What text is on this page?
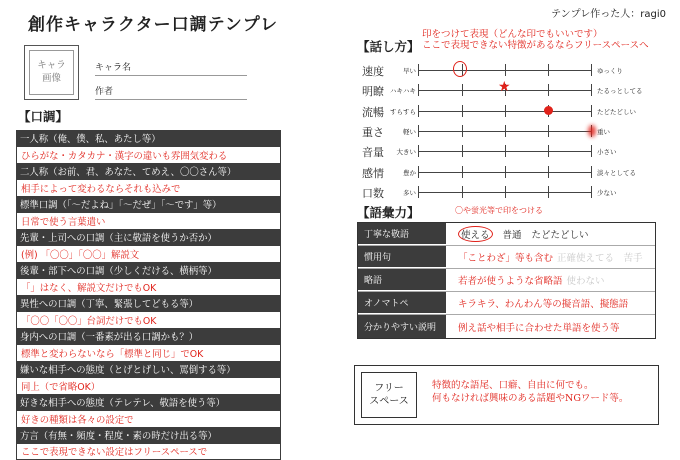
創作キャラクター口調テンプレ
テンプレ作った人：ragi0
キャラ
画像
キャラ名
作者
【口調】
一人称（俺、僕、私、あたし等）
ひらがな・カタカナ・漢字の違いも雰囲気変わる
二人称（お前、君、あなた、てめえ、〇〇さん等）
相手によって変わるならそれも込みで
標準口調（「〜だよね」「〜だぜ」「〜です」等）
日常で使う言葉遣い
先輩・上司への口調（主に敬語を使うか否か）
(例) 「〇〇」「〇〇」解説文
後輩・部下への口調（少しくだける、横柄等）
「」はなく、解説文だけでもOK
異性への口調（丁寧、緊張してどもる等）
「〇〇「〇〇」台詞だけでもOK
身内への口調（一番素が出る口調かも？）
標準と変わらないなら「標準と同じ」でOK
嫌いな相手への態度（とげとげしい、罵倒する等）
同上（で省略OK）
好きな相手への態度（テレテレ、敬語を使う等）
好きの種類は各々の設定で
方言（有無・頻度・程度・素の時だけ出る等）
ここで表現できない設定はフリースペースで
【話し方】
印をつけて表現（どんな印でもいいです）
ここで表現できない特徴があるならフリースペースへ
速度	早い	ゆっくり
明瞭 ハキハキ	たるっとしてる
★
流暢 すらすら	たどたどしい
重さ	軽い	重い
音量	大きい	小さい
感情	豊か	淡々としてる
口数	多い	少ない
【語彙力】	〇や蛍光等で印をつける
丁寧な敬語	使える	普通 たどたどしい
慣用句	「ことわざ」等も含む 正確使えてる　苦手
略語	若者が使うような省略語 使わない
オノマトペ	キラキラ、わんわん等の擬音語、擬態語
分かりやすい説明	例え話や相手に合わせた単語を使う等
フリー
スペース
特徴的な語尾、口癖、自由に何でも。
何もなければ興味のある話題やNGワード等。
